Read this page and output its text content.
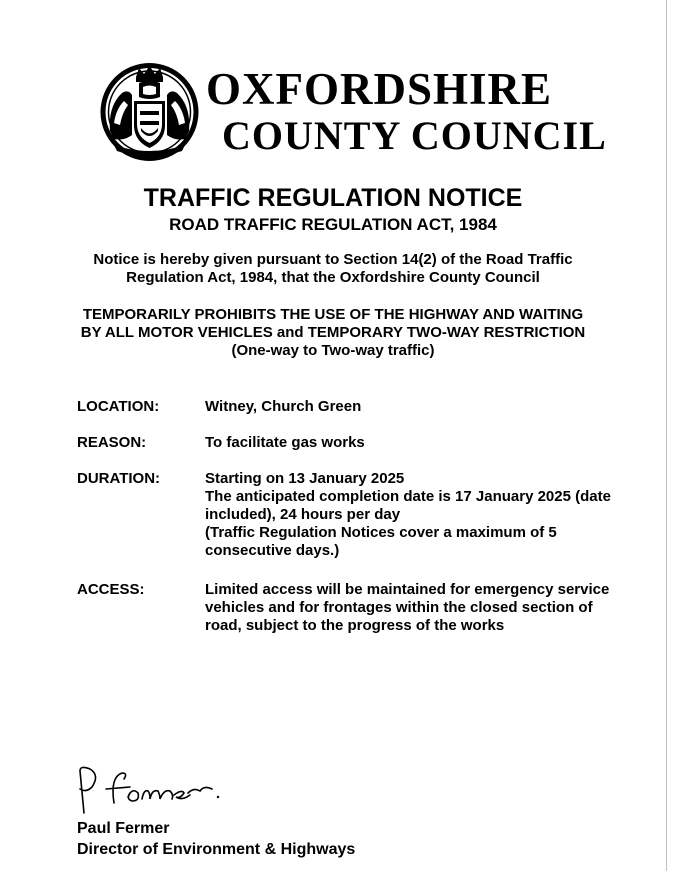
OXFORDSHIRE
COUNTY COUNCIL
TRAFFIC REGULATION NOTICE
ROAD TRAFFIC REGULATION ACT, 1984
Notice is hereby given pursuant to Section 14(2) of the Road Traffic
Regulation Act, 1984, that the Oxfordshire County Council
TEMPORARILY PROHIBITS THE USE OF THE HIGHWAY AND WAITING
BY ALL MOTOR VEHICLES and TEMPORARY TWO-WAY RESTRICTION
(One-way to Two-way traffic)
LOCATION:	Witney, Church Green
REASON:	To facilitate gas works
DURATION:	Starting on 13 January 2025
The anticipated completion date is 17 January 2025 (date
included), 24 hours per day
(Traffic Regulation Notices cover a maximum of 5
consecutive days.)
ACCESS:	Limited access will be maintained for emergency service
vehicles and for frontages within the closed section of
road, subject to the progress of the works
Paul Fermer
Director of Environment & Highways
